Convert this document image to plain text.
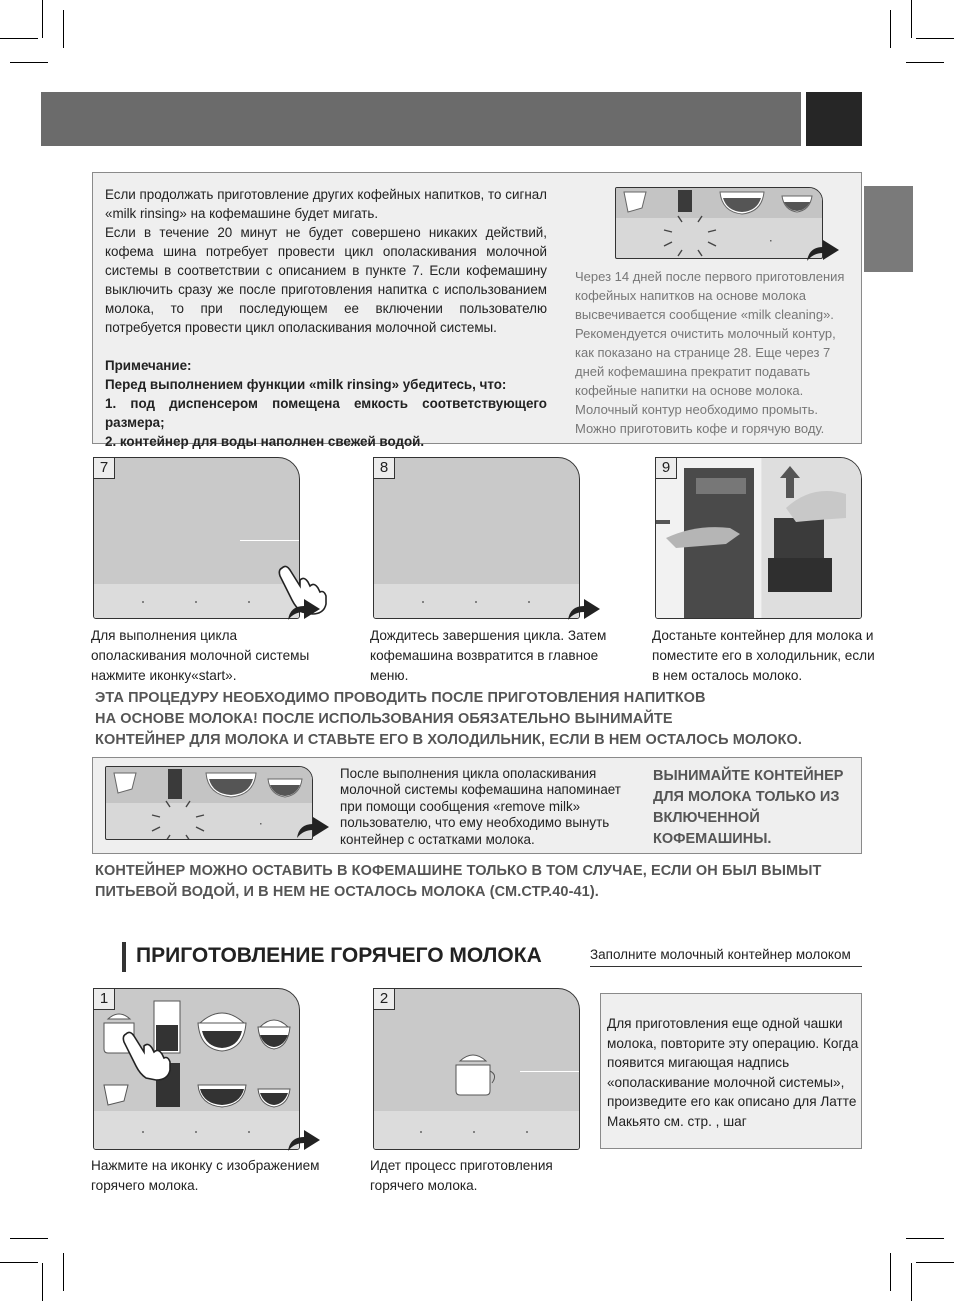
Если продолжать приготовление других кофейных напитков, то сигнал «milk rinsing» на кофемашине будет мигать.

Если в течение 20 минут не будет совершено никаких действий, кофема шина потребует провести цикл ополаскивания молочной системы в соответствии с описанием в пункте 7. Если кофемашину выключить сразу же после приготовления напитка с использованием молока, то при последующем ее включении пользователю потребуется провести цикл ополаскивания молочной системы.

Примечание:

Перед выполнением функции «milk rinsing» убедитесь, что:

1. под диспенсером помещена емкость соответствующего размера;

2. контейнер для воды наполнен свежей водой.

Через 14 дней после первого приготовления кофейных напитков на основе молока высвечивается сообщение «milk cleaning». Рекомендуется очистить молочный контур, как показано на странице 28. Еще через 7 дней кофемашина прекратит подавать кофейные напитки на основе молока. Молочный контур необходимо промыть. Можно приготовить кофе и горячую воду.
7
Для выполнения цикла ополаскивания молочной системы нажмите иконку«start».
8
Дождитесь завершения цикла. Затем кофемашина возвратится в главное меню.
9
Достаньте контейнер для молока и поместите его в холодильник, если в нем осталось молоко.
ЭТА ПРОЦЕДУРУ НЕОБХОДИМО ПРОВОДИТЬ ПОСЛЕ ПРИГОТОВЛЕНИЯ НАПИТКОВ
НА ОСНОВЕ МОЛОКА! ПОСЛЕ ИСПОЛЬЗОВАНИЯ ОБЯЗАТЕЛЬНО ВЫНИМАЙТЕ
КОНТЕЙНЕР ДЛЯ МОЛОКА И СТАВЬТЕ ЕГО В ХОЛОДИЛЬНИК, ЕСЛИ В НЕМ ОСТАЛОСЬ МОЛОКО.
После выполнения цикла ополаскивания молочной системы кофемашина напоминает при помощи сообщения «remove milk» пользователю, что ему необходимо вынуть контейнер с остатками молока.
ВЫНИМАЙТЕ КОНТЕЙНЕР ДЛЯ МОЛОКА ТОЛЬКО ИЗ ВКЛЮЧЕННОЙ КОФЕМАШИНЫ.
КОНТЕЙНЕР МОЖНО ОСТАВИТЬ В КОФЕМАШИНЕ ТОЛЬКО В ТОМ СЛУЧАЕ, ЕСЛИ ОН БЫЛ ВЫМЫТ
ПИТЬЕВОЙ ВОДОЙ, И В НЕМ НЕ ОСТАЛОСЬ МОЛОКА (СМ.СТР.40-41).
ПРИГОТОВЛЕНИЕ ГОРЯЧЕГО МОЛОКА	Заполните молочный контейнер молоком
1
Нажмите на иконку с изображением горячего молока.
2
Идет процесс приготовления горячего молока.
Для приготовления еще одной чашки молока, повторите эту операцию. Когда появится мигающая надпись «ополаскивание молочной системы», произведите его как описано для Латте Макьято см. стр. , шаг
